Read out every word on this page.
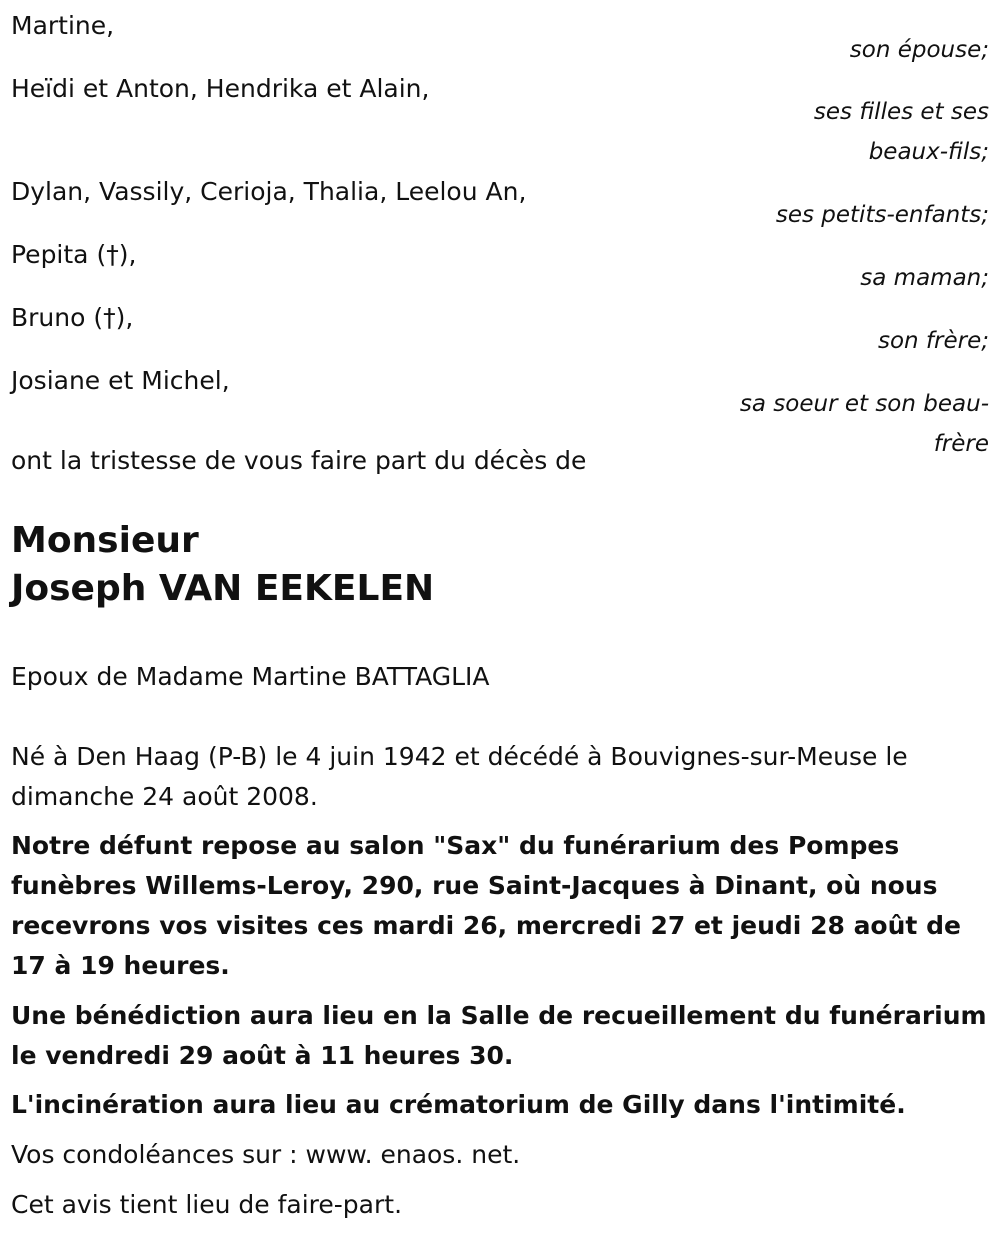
Martine,
Heïdi et Anton, Hendrika et Alain,
Dylan, Vassily, Cerioja, Thalia, Leelou An,
Pepita (†),
Bruno (†),
Josiane et Michel,
son épouse;
ses filles et ses beaux-fils;
ses petits-enfants;
sa maman;
son frère;
sa soeur et son beau-frère
ont la tristesse de vous faire part du décès de
Monsieur
Joseph VAN EEKELEN
Epoux de Madame Martine BATTAGLIA
Né à Den Haag (P-B) le 4 juin 1942 et décédé à Bouvignes-sur-Meuse le dimanche 24 août 2008.
Notre défunt repose au salon "Sax" du funérarium des Pompes funèbres Willems-Leroy, 290, rue Saint-Jacques à Dinant, où nous recevrons vos visites ces mardi 26, mercredi 27 et jeudi 28 août de 17 à 19 heures.
Une bénédiction aura lieu en la Salle de recueillement du funérarium le vendredi 29 août à 11 heures 30.
L'incinération aura lieu au crématorium de Gilly dans l'intimité.
Vos condoléances sur : www. enaos. net.
Cet avis tient lieu de faire-part.
